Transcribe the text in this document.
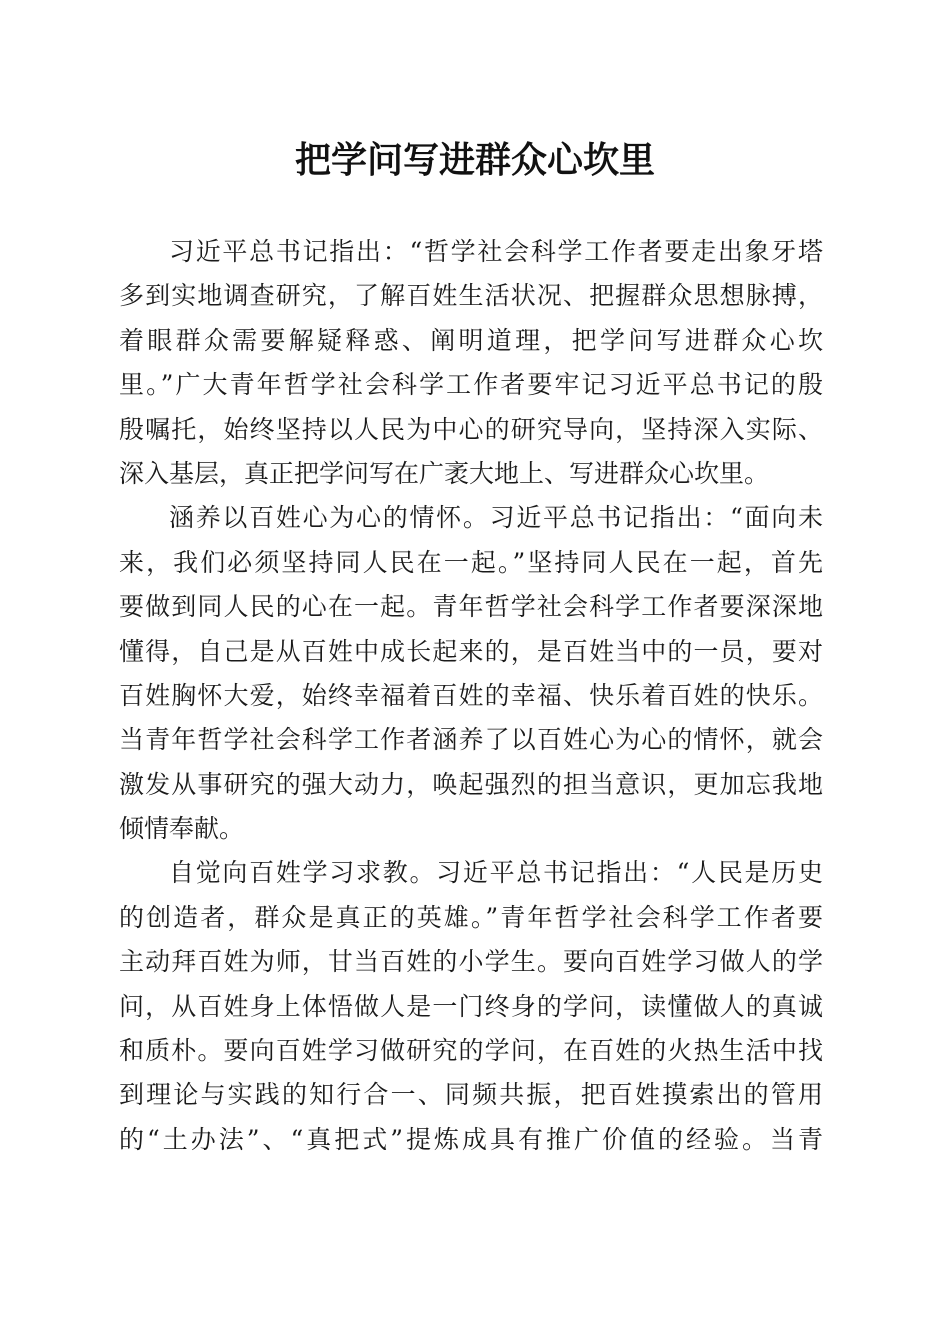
把学问写进群众心坎里
习近平总书记指出：“哲学社会科学工作者要走出象牙塔
多到实地调查研究，了解百姓生活状况、把握群众思想脉搏，
着眼群众需要解疑释惑、阐明道理，把学问写进群众心坎
里。”广大青年哲学社会科学工作者要牢记习近平总书记的殷
殷嘱托，始终坚持以人民为中心的研究导向，坚持深入实际、
深入基层，真正把学问写在广袤大地上、写进群众心坎里。
涵养以百姓心为心的情怀。习近平总书记指出：“面向未
来，我们必须坚持同人民在一起。”坚持同人民在一起，首先
要做到同人民的心在一起。青年哲学社会科学工作者要深深地
懂得，自己是从百姓中成长起来的，是百姓当中的一员，要对
百姓胸怀大爱，始终幸福着百姓的幸福、快乐着百姓的快乐。
当青年哲学社会科学工作者涵养了以百姓心为心的情怀，就会
激发从事研究的强大动力，唤起强烈的担当意识，更加忘我地
倾情奉献。
自觉向百姓学习求教。习近平总书记指出：“人民是历史
的创造者，群众是真正的英雄。”青年哲学社会科学工作者要
主动拜百姓为师，甘当百姓的小学生。要向百姓学习做人的学
问，从百姓身上体悟做人是一门终身的学问，读懂做人的真诚
和质朴。要向百姓学习做研究的学问，在百姓的火热生活中找
到理论与实践的知行合一、同频共振，把百姓摸索出的管用
的“土办法”、“真把式”提炼成具有推广价值的经验。当青
